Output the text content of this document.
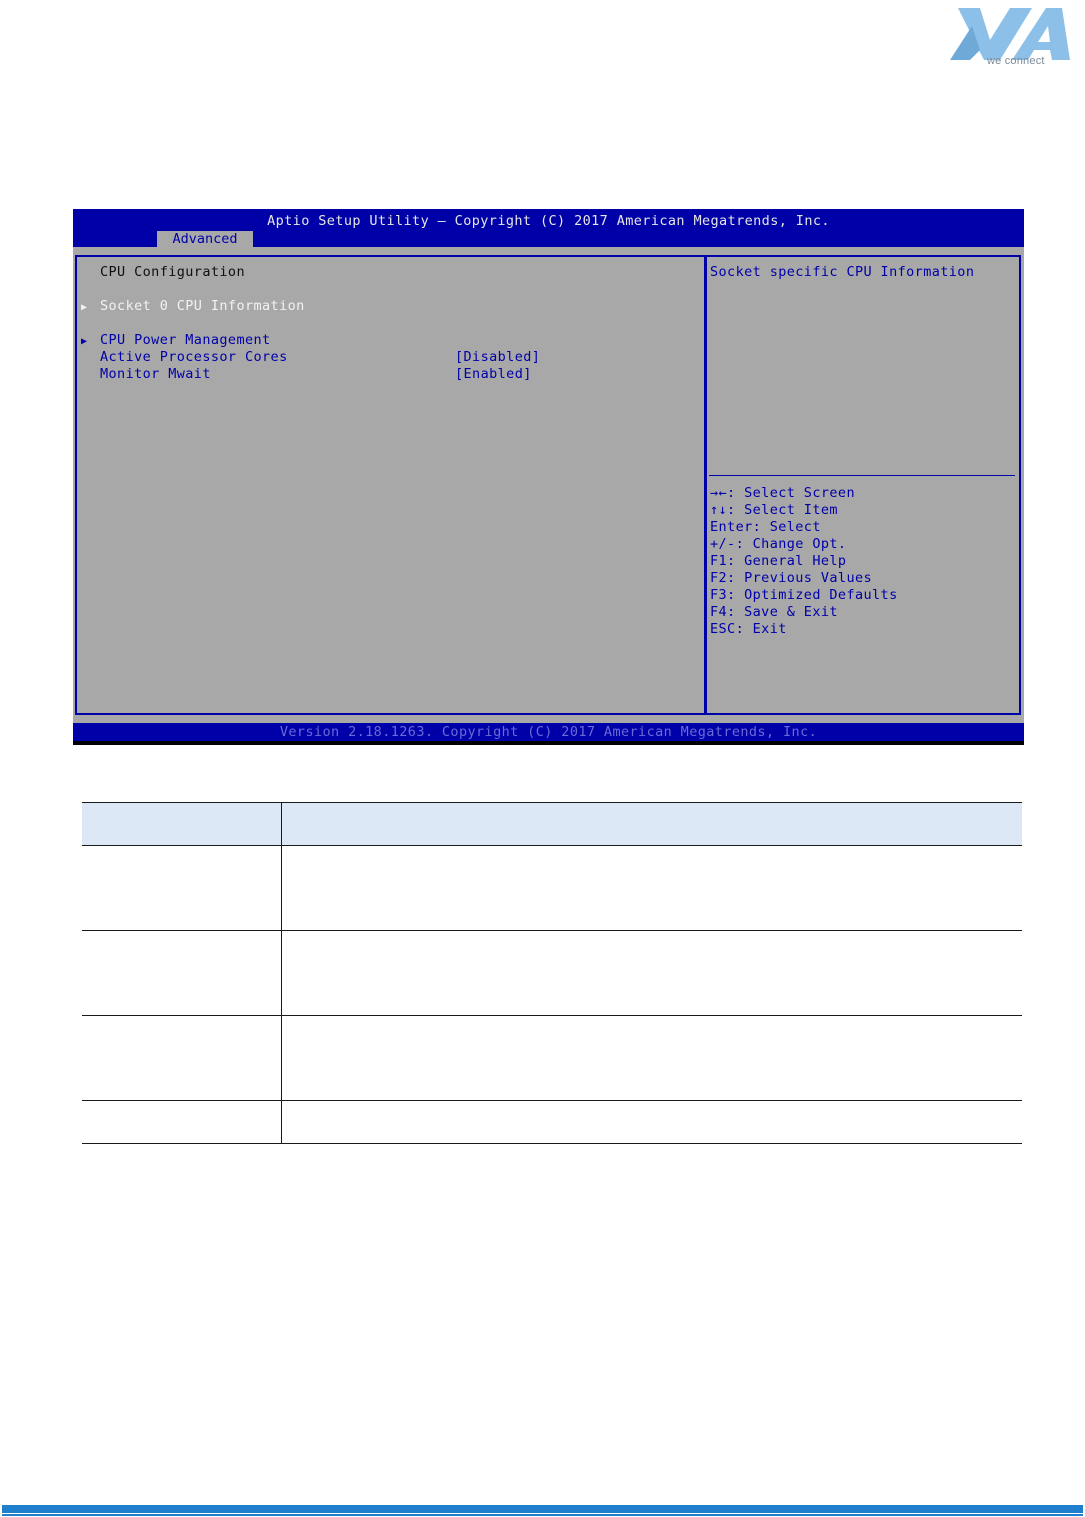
we connect
Aptio Setup Utility – Copyright (C) 2017 American Megatrends, Inc.
Advanced
CPU Configuration
▶ Socket 0 CPU Information
▶ CPU Power Management
Active Processor Cores	[Disabled]
Monitor Mwait	[Enabled]
Socket specific CPU Information
→←: Select Screen
↑↓: Select Item
Enter: Select
+/-: Change Opt.
F1: General Help
F2: Previous Values
F3: Optimized Defaults
F4: Save & Exit
ESC: Exit
Version 2.18.1263. Copyright (C) 2017 American Megatrends, Inc.
